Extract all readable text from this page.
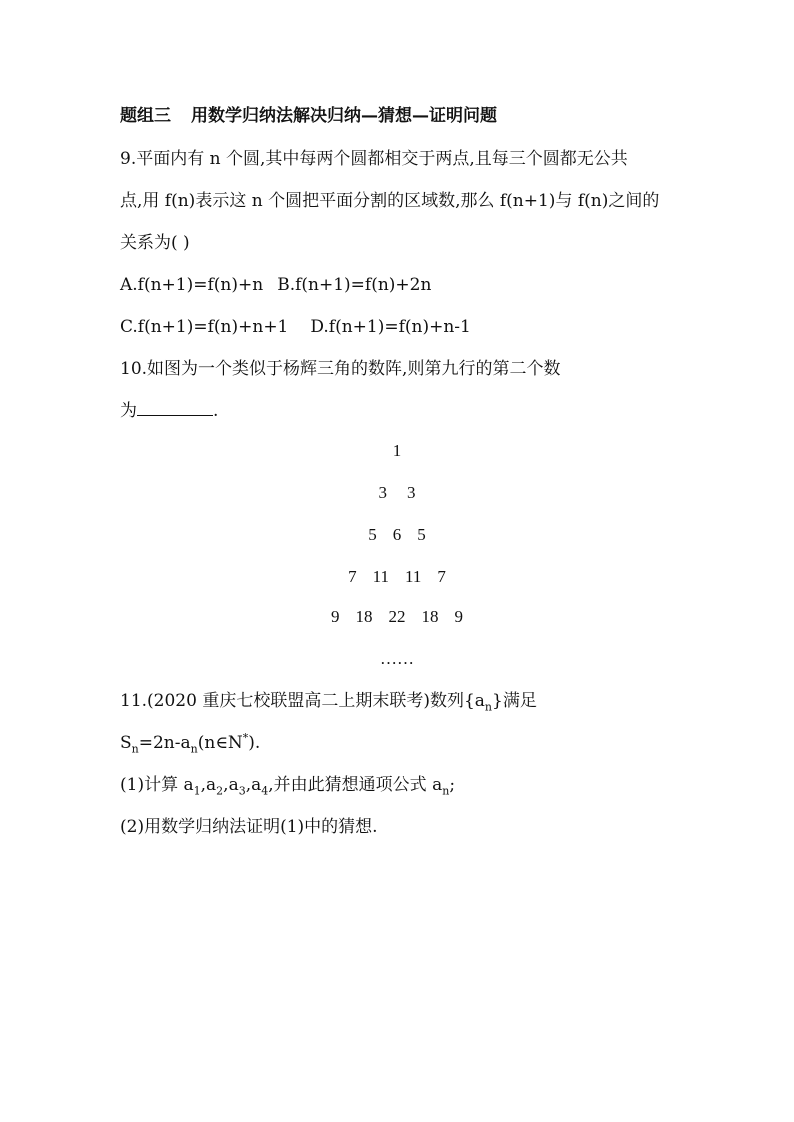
题组三 用数学归纳法解决归纳—猜想—证明问题
9.平面内有 n 个圆,其中每两个圆都相交于两点,且每三个圆都无公共
点,用 f(n)表示这 n 个圆把平面分割的区域数,那么 f(n+1)与 f(n)之间的
关系为( )
A.f(n+1)=f(n)+n B.f(n+1)=f(n)+2n
C.f(n+1)=f(n)+n+1 D.f(n+1)=f(n)+n-1
10.如图为一个类似于杨辉三角的数阵,则第九行的第二个数
为	.
1
3 3
5 6 5
7 11 11 7
9 18 22 18 9
……
11.(2020 重庆七校联盟高二上期末联考)数列$\{a_n\}$满足
$S_n=2n-a_n(n\in N^*)$.
(1)计算 $a_1,a_2,a_3,a_4$,并由此猜想通项公式 $a_n$;
(2)用数学归纳法证明(1)中的猜想.
